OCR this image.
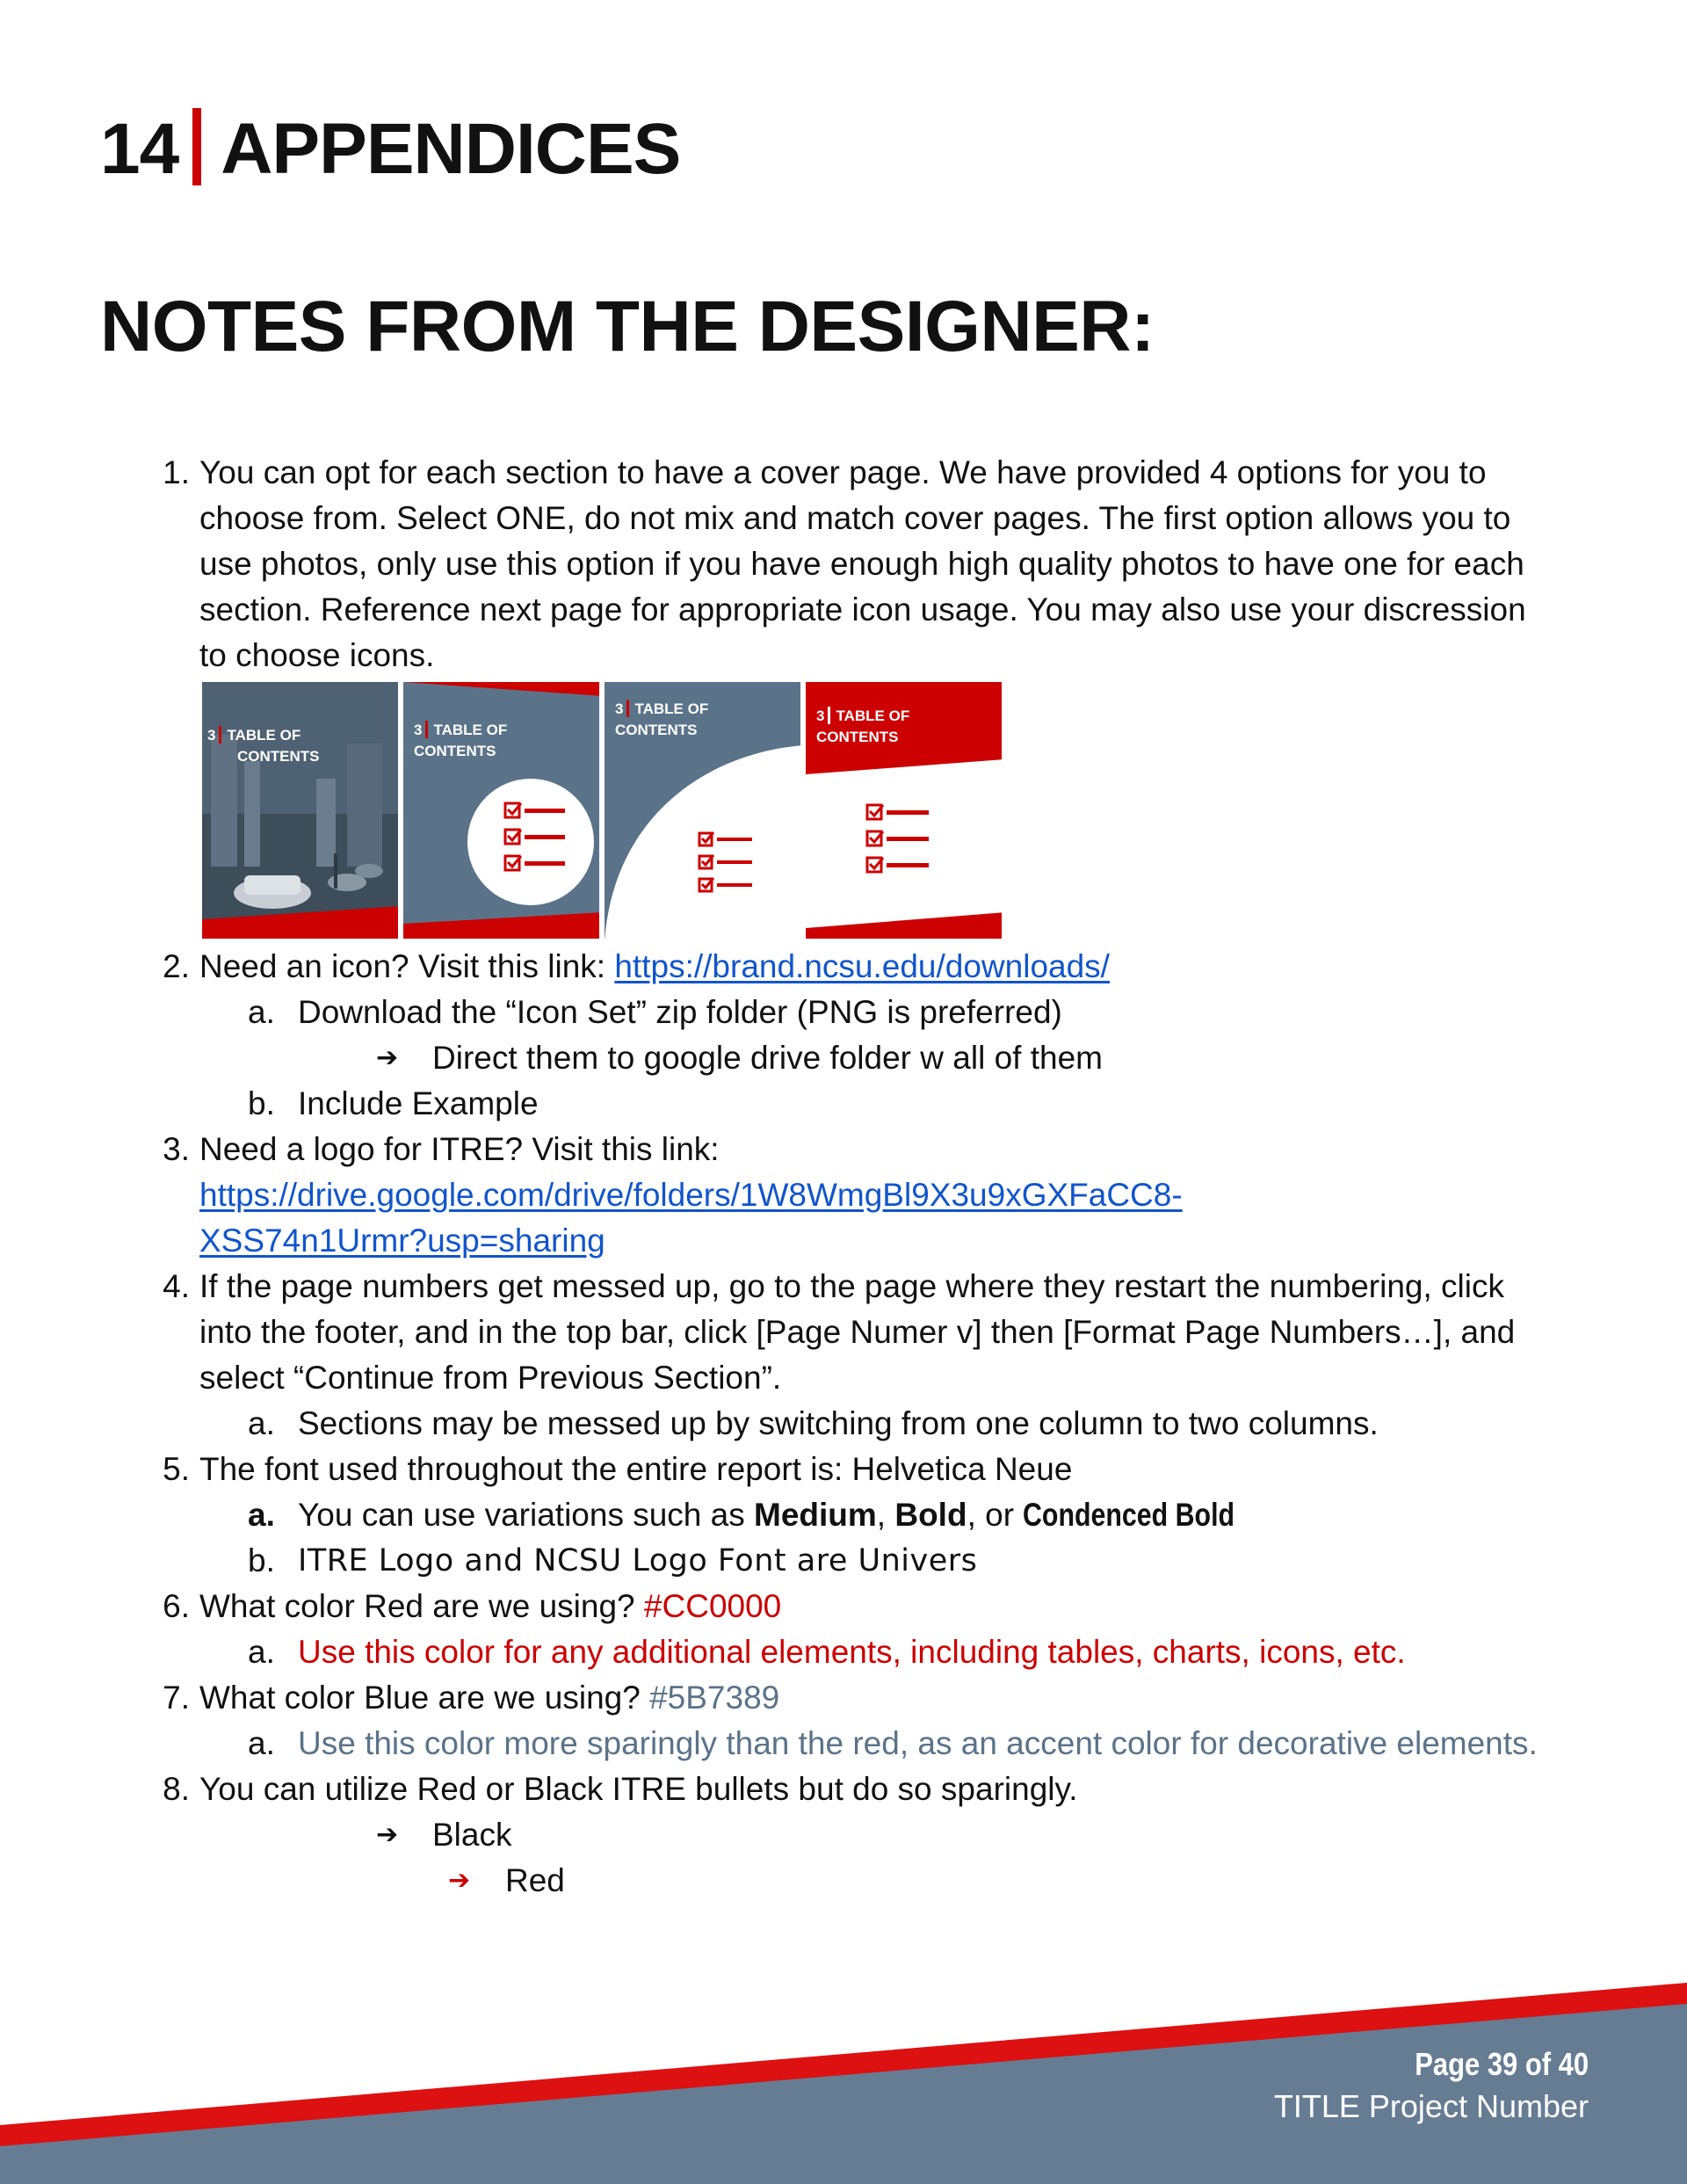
14 APPENDICES
NOTES FROM THE DESIGNER:
1. You can opt for each section to have a cover page. We have provided 4 options for you to
choose from. Select ONE, do not mix and match cover pages. The first option allows you to
use photos, only use this option if you have enough high quality photos to have one for each
section. Reference next page for appropriate icon usage. You may also use your discression
to choose icons.
3 TABLE OF
CONTENTS
3 TABLE OF
CONTENTS
3 TABLE OF
CONTENTS
3 TABLE OF
CONTENTS
2. Need an icon? Visit this link: https://brand.ncsu.edu/downloads/
a. Download the “Icon Set” zip folder (PNG is preferred)
➔ Direct them to google drive folder w all of them
b. Include Example
3. Need a logo for ITRE? Visit this link:
https://drive.google.com/drive/folders/1W8WmgBl9X3u9xGXFaCC8-
XSS74n1Urmr?usp=sharing
4. If the page numbers get messed up, go to the page where they restart the numbering, click
into the footer, and in the top bar, click [Page Numer v] then [Format Page Numbers…], and
select “Continue from Previous Section”.
a. Sections may be messed up by switching from one column to two columns.
5. The font used throughout the entire report is: Helvetica Neue
a. You can use variations such as Medium, Bold, or Condenced Bold
b. ITRE Logo and NCSU Logo Font are Univers
6. What color Red are we using? #CC0000
a. Use this color for any additional elements, including tables, charts, icons, etc.
7. What color Blue are we using? #5B7389
a. Use this color more sparingly than the red, as an accent color for decorative elements.
8. You can utilize Red or Black ITRE bullets but do so sparingly.
➔ Black
➔ Red
Page 39 of 40
TITLE Project Number
